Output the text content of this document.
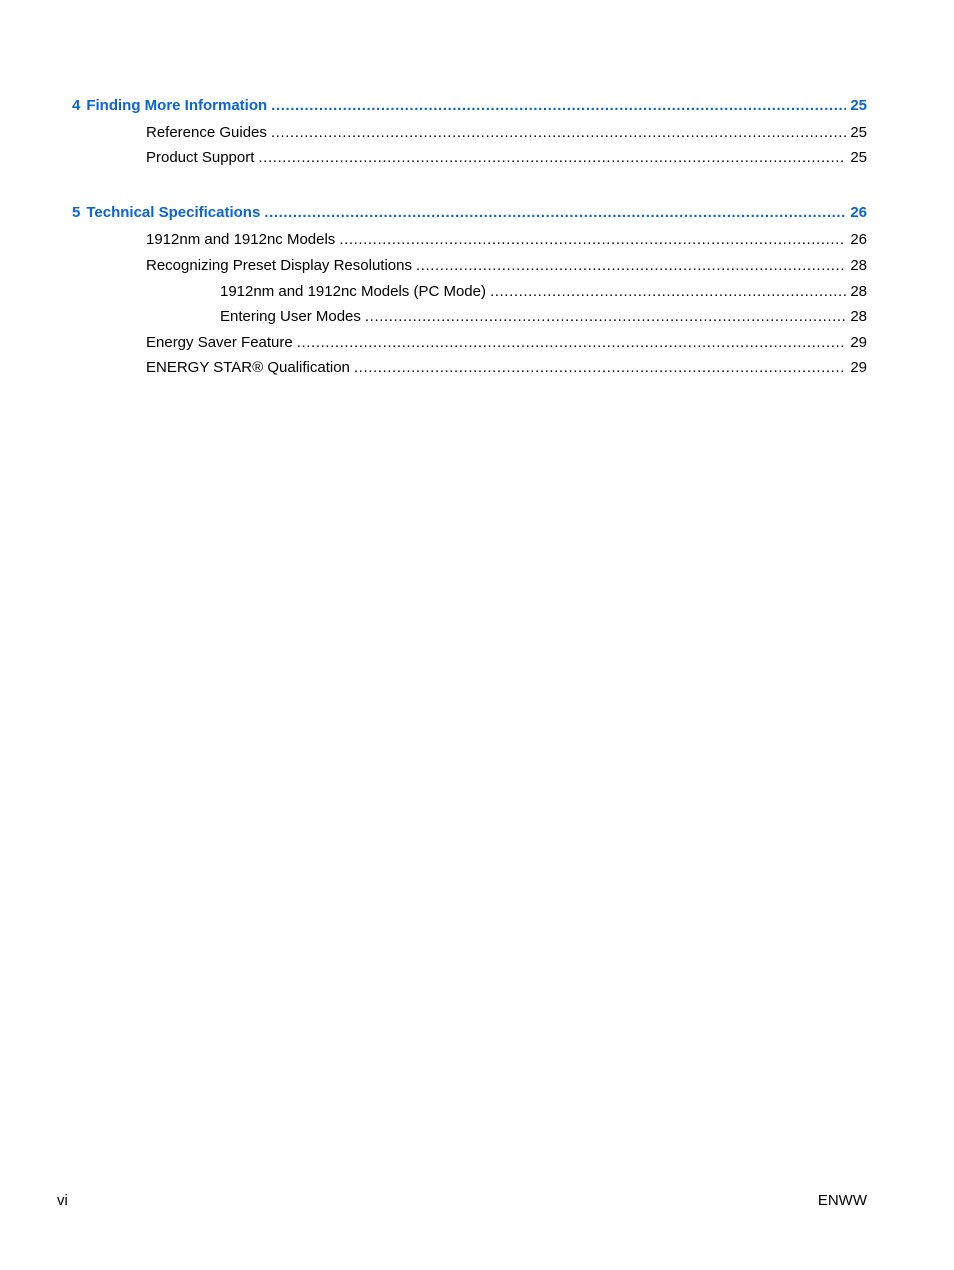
4 Finding More Information .....	25
Reference Guides .....	25
Product Support .....	25
5 Technical Specifications .....	26
1912nm and 1912nc Models .....	26
Recognizing Preset Display Resolutions .....	28
1912nm and 1912nc Models (PC Mode) .....	28
Entering User Modes .....	28
Energy Saver Feature .....	29
ENERGY STAR® Qualification .....	29
vi	ENWW
